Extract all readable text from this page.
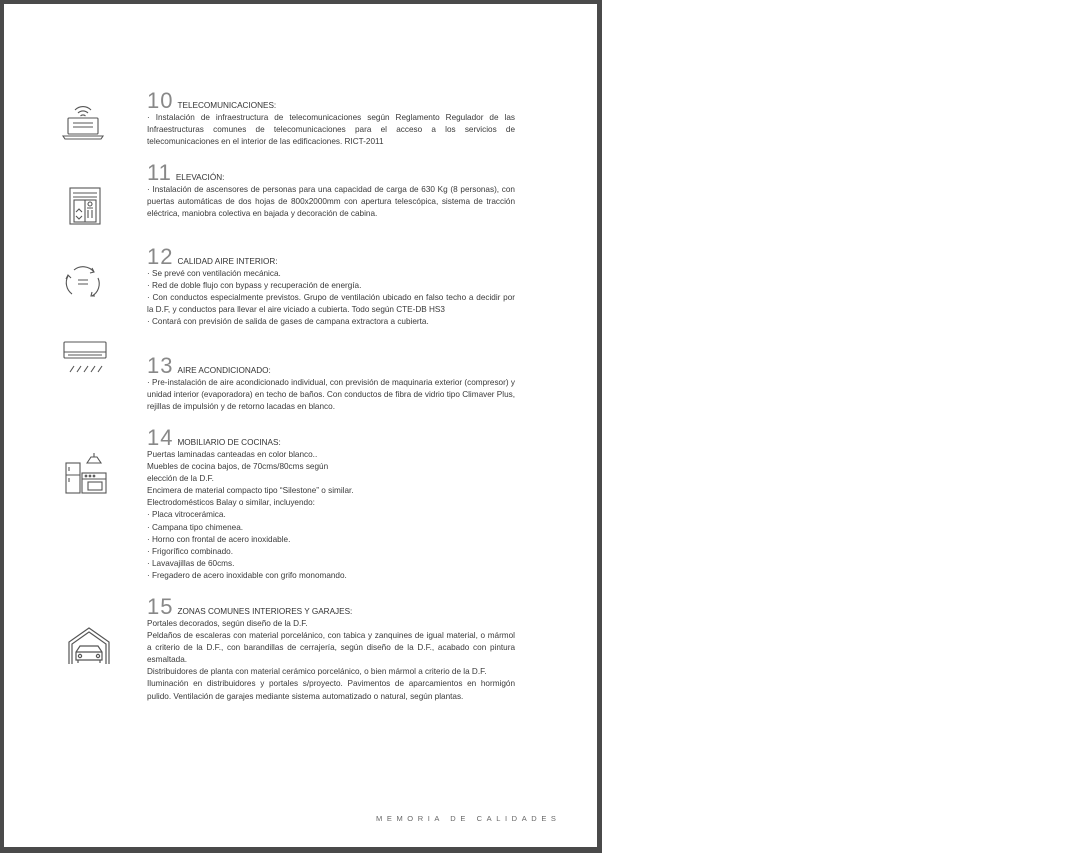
10 TELECOMUNICACIONES:

· Instalación de infraestructura de telecomunicaciones según Reglamento Regulador de las Infraestructuras comunes de telecomunicaciones para el acceso a los servicios de telecomunicaciones en el interior de las edificaciones. RICT-2011

11 ELEVACIÓN:

· Instalación de ascensores de personas para una capacidad de carga de 630 Kg (8 personas), con puertas automáticas de dos hojas de 800x2000mm con apertura telescópica, sistema de tracción eléctrica, maniobra colectiva en bajada y decoración de cabina.

12 CALIDAD AIRE INTERIOR:

· Se prevé con ventilación mecánica.

· Red de doble flujo con bypass y recuperación de energía.

· Con conductos especialmente previstos. Grupo de ventilación ubicado en falso techo a decidir por la D.F, y conductos para llevar el aire viciado a cubierta. Todo según CTE-DB HS3

· Contará con previsión de salida de gases de campana extractora a cubierta.

13 AIRE ACONDICIONADO:

· Pre-instalación de aire acondicionado individual, con previsión de maquinaria exterior (compresor) y unidad interior (evaporadora) en techo de baños. Con conductos de fibra de vidrio tipo Climaver Plus, rejillas de impulsión y de retorno lacadas en blanco.

14 MOBILIARIO DE COCINAS:

Puertas laminadas canteadas en color blanco..

Muebles de cocina bajos, de 70cms/80cms según

elección de la D.F.

Encimera de material compacto tipo “Silestone” o similar.

Electrodomésticos Balay o similar, incluyendo:

· Placa vitrocerámica.

· Campana tipo chimenea.

· Horno con frontal de acero inoxidable.

· Frigorífico combinado.

· Lavavajillas de 60cms.

· Fregadero de acero inoxidable con grifo monomando.

15 ZONAS COMUNES INTERIORES Y GARAJES:

Portales decorados, según diseño de la D.F.

Peldaños de escaleras con material porcelánico, con tabica y zanquines de igual material, o mármol a criterio de la D.F., con barandillas de cerrajería, según diseño de la D.F., acabado con pintura esmaltada.

Distribuidores de planta con material cerámico porcelánico, o bien mármol a criterio de la D.F.

Iluminación en distribuidores y portales s/proyecto. Pavimentos de aparcamientos en hormigón pulido. Ventilación de garajes mediante sistema automatizado o natural, según plantas.

MEMORIA DE CALIDADES
